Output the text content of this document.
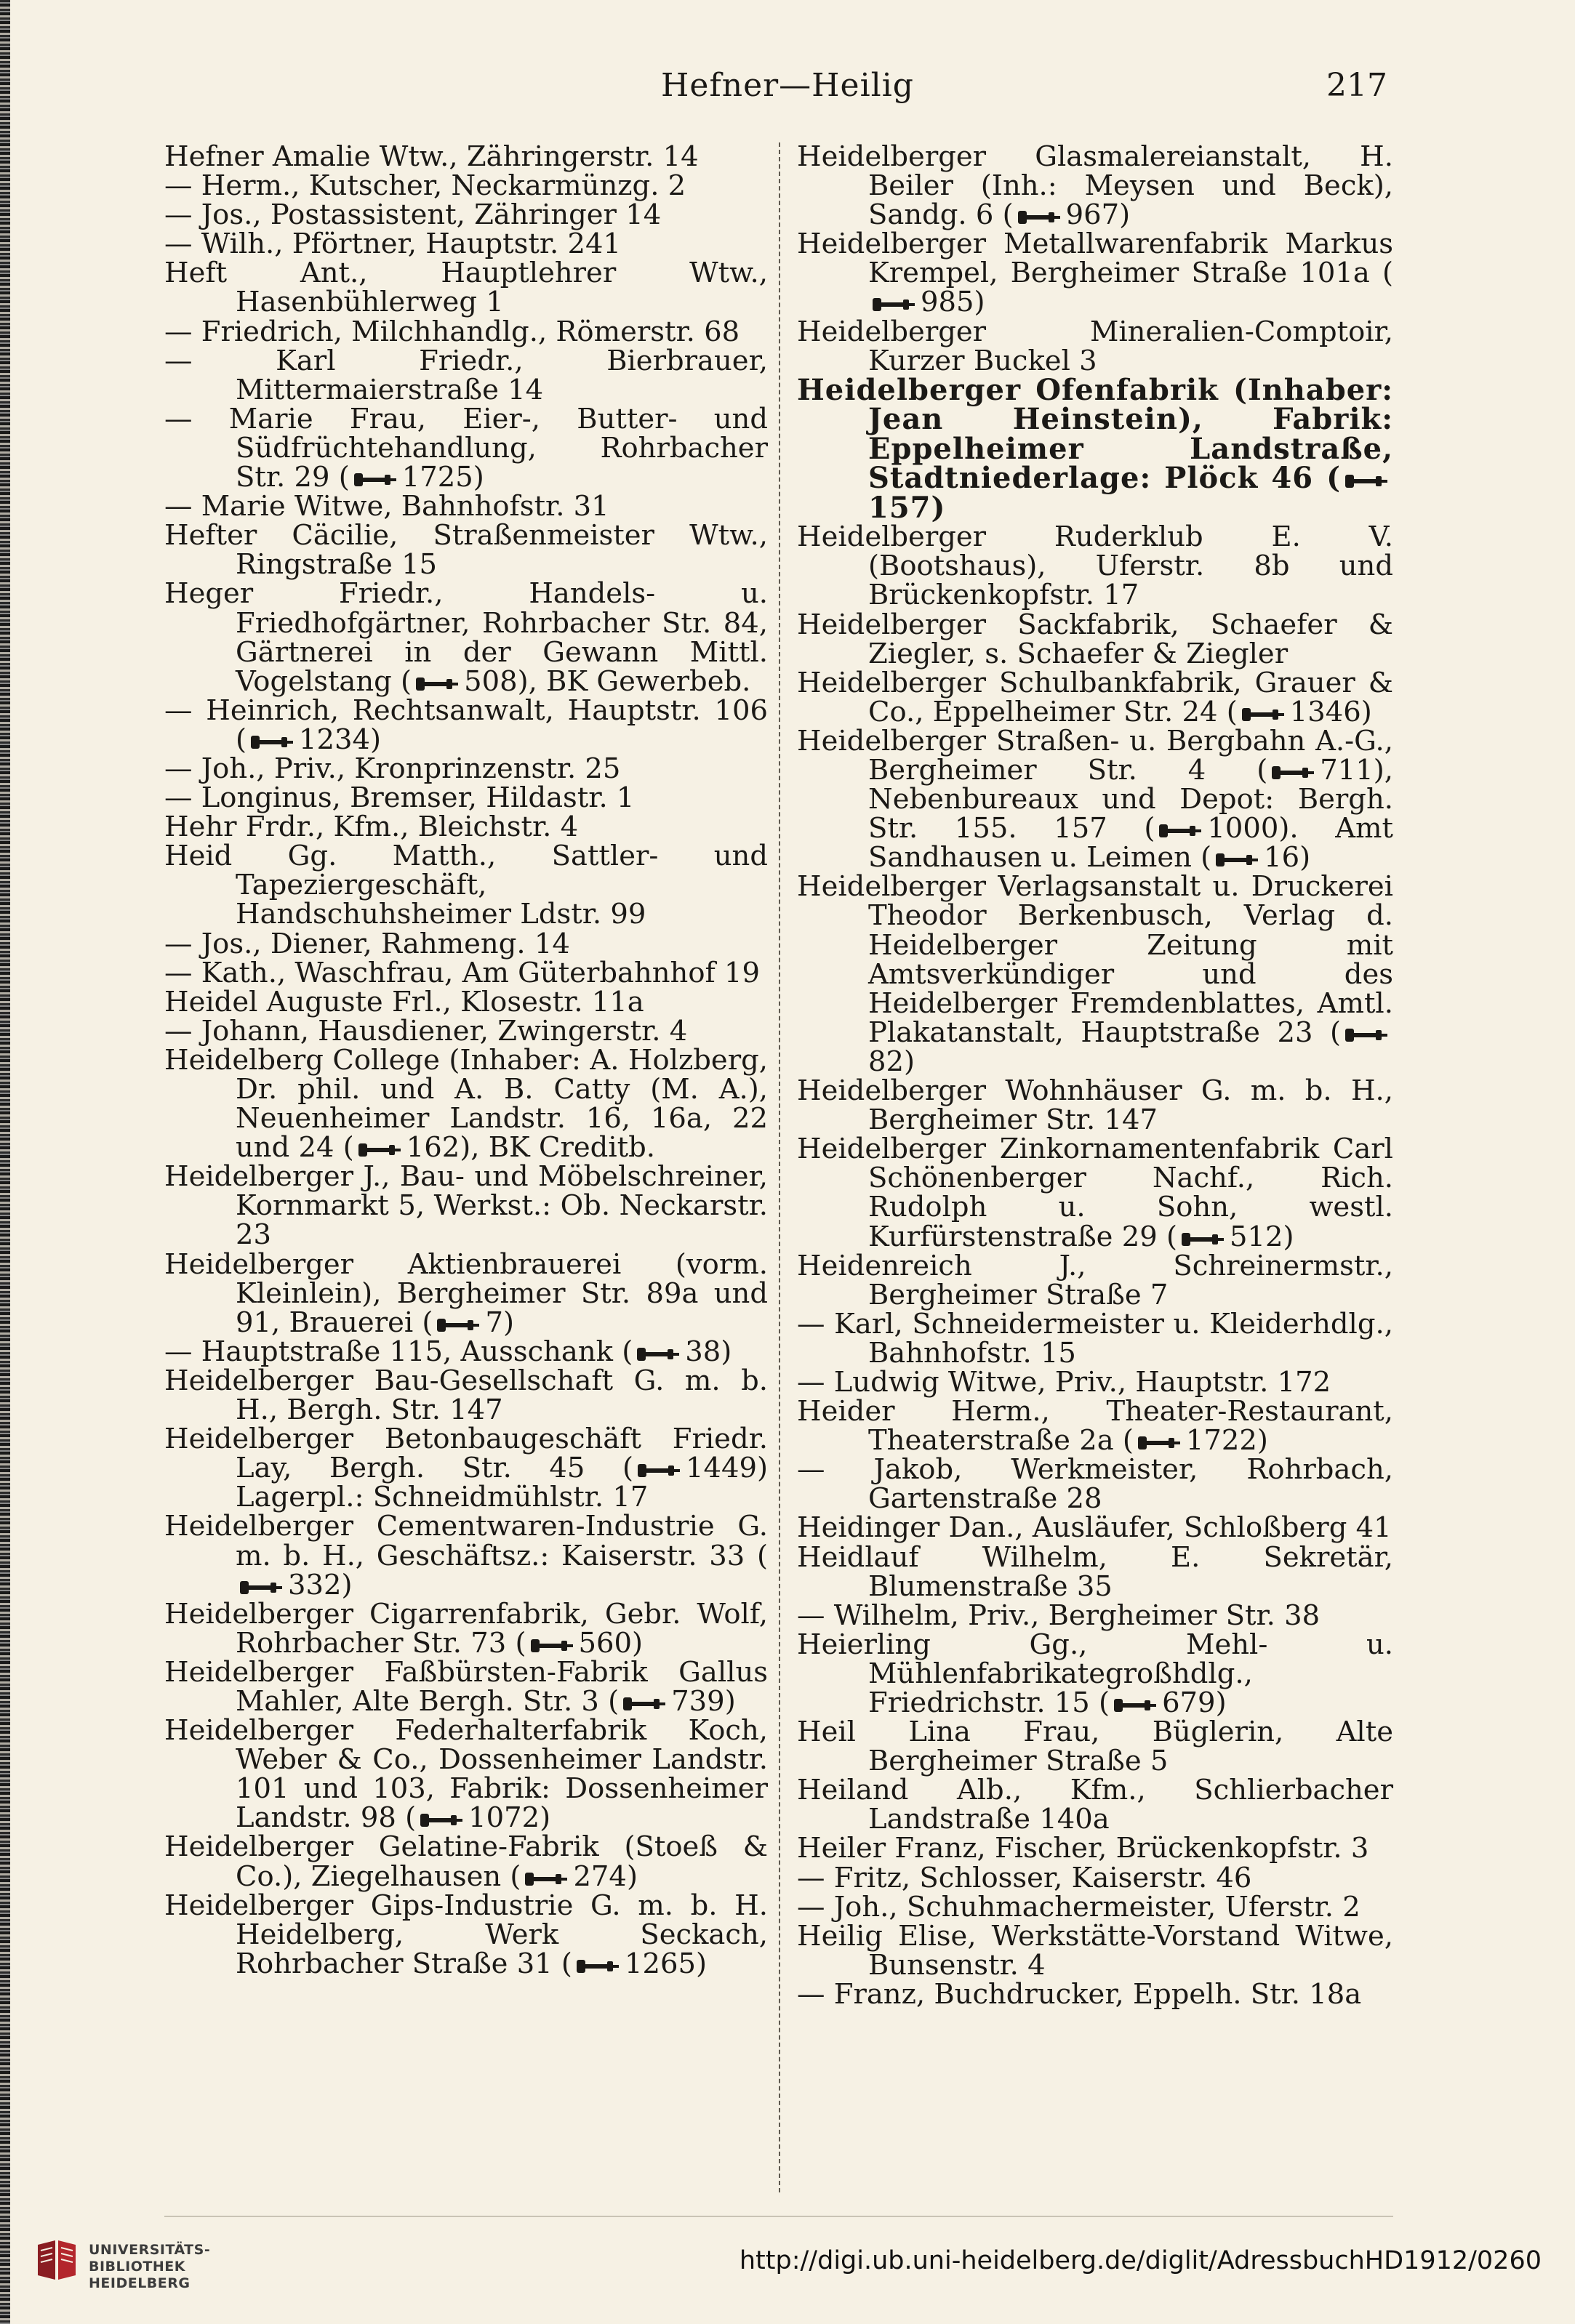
Hefner—Heilig	217

Hefner Amalie Wtw., Zähringerstr. 14

— Herm., Kutscher, Neckarmünzg. 2

— Jos., Postassistent, Zähringer 14

— Wilh., Pförtner, Hauptstr. 241

Heft Ant., Hauptlehrer Wtw., Hasenbühlerweg 1

— Friedrich, Milchhandlg., Römerstr. 68

— Karl Friedr., Bierbrauer, Mittermaierstraße 14

— Marie Frau, Eier-, Butter- und Südfrüchtehandlung, Rohrbacher Str. 29 ( 1725)

— Marie Witwe, Bahnhofstr. 31

Hefter Cäcilie, Straßenmeister Wtw., Ringstraße 15

Heger Friedr., Handels- u. Friedhofgärtner, Rohrbacher Str. 84, Gärtnerei in der Gewann Mittl. Vogelstang ( 508), BK Gewerbeb.

— Heinrich, Rechtsanwalt, Hauptstr. 106 ( 1234)

— Joh., Priv., Kronprinzenstr. 25

— Longinus, Bremser, Hildastr. 1

Hehr Frdr., Kfm., Bleichstr. 4

Heid Gg. Matth., Sattler- und Tapeziergeschäft, Handschuhsheimer Ldstr. 99

— Jos., Diener, Rahmeng. 14

— Kath., Waschfrau, Am Güterbahnhof 19

Heidel Auguste Frl., Klosestr. 11a

— Johann, Hausdiener, Zwingerstr. 4

Heidelberg College (Inhaber: A. Holzberg, Dr. phil. und A. B. Catty (M. A.), Neuenheimer Landstr. 16, 16a, 22 und 24 ( 162), BK Creditb.

Heidelberger J., Bau- und Möbelschreiner, Kornmarkt 5, Werkst.: Ob. Neckarstr. 23

Heidelberger Aktienbrauerei (vorm. Kleinlein), Bergheimer Str. 89a und 91, Brauerei ( 7)

— Hauptstraße 115, Ausschank ( 38)

Heidelberger Bau-Gesellschaft G. m. b. H., Bergh. Str. 147

Heidelberger Betonbaugeschäft Friedr. Lay, Bergh. Str. 45 ( 1449) Lagerpl.: Schneidmühlstr. 17

Heidelberger Cementwaren-Industrie G. m. b. H., Geschäftsz.: Kaiserstr. 33 (332)

Heidelberger Cigarrenfabrik, Gebr. Wolf, Rohrbacher Str. 73 ( 560)

Heidelberger Faßbürsten-Fabrik Gallus Mahler, Alte Bergh. Str. 3 ( 739)

Heidelberger Federhalterfabrik Koch, Weber & Co., Dossenheimer Landstr. 101 und 103, Fabrik: Dossenheimer Landstr. 98 ( 1072)

Heidelberger Gelatine-Fabrik (Stoeß & Co.), Ziegelhausen ( 274)

Heidelberger Gips-Industrie G. m. b. H. Heidelberg, Werk Seckach, Rohrbacher Straße 31 ( 1265)

Heidelberger Glasmalereianstalt, H. Beiler (Inh.: Meysen und Beck), Sandg. 6 ( 967)

Heidelberger Metallwarenfabrik Markus Krempel, Bergheimer Straße 101a (985)

Heidelberger Mineralien-Comptoir, Kurzer Buckel 3

Heidelberger Ofenfabrik (Inhaber: Jean Heinstein), Fabrik: Eppelheimer Landstraße, Stadtniederlage: Plöck 46 (157)

Heidelberger Ruderklub E. V. (Bootshaus), Uferstr. 8b und Brückenkopfstr. 17

Heidelberger Sackfabrik, Schaefer & Ziegler, s. Schaefer & Ziegler

Heidelberger Schulbankfabrik, Grauer & Co., Eppelheimer Str. 24 ( 1346)

Heidelberger Straßen- u. Bergbahn A.-G., Bergheimer Str. 4 ( 711), Nebenbureaux und Depot: Bergh. Str. 155. 157 ( 1000). Amt Sandhausen u. Leimen ( 16)

Heidelberger Verlagsanstalt u. Druckerei Theodor Berkenbusch, Verlag d. Heidelberger Zeitung mit Amtsverkündiger und des Heidelberger Fremdenblattes, Amtl. Plakatanstalt, Hauptstraße 23 (82)

Heidelberger Wohnhäuser G. m. b. H., Bergheimer Str. 147

Heidelberger Zinkornamentenfabrik Carl Schönenberger Nachf., Rich. Rudolph u. Sohn, westl. Kurfürstenstraße 29 ( 512)

Heidenreich J., Schreinermstr., Bergheimer Straße 7

— Karl, Schneidermeister u. Kleiderhdlg., Bahnhofstr. 15

— Ludwig Witwe, Priv., Hauptstr. 172

Heider Herm., Theater-Restaurant, Theaterstraße 2a ( 1722)

— Jakob, Werkmeister, Rohrbach, Gartenstraße 28

Heidinger Dan., Ausläufer, Schloßberg 41

Heidlauf Wilhelm, E. Sekretär, Blumenstraße 35

— Wilhelm, Priv., Bergheimer Str. 38

Heierling Gg., Mehl- u. Mühlenfabrikategroßhdlg., Friedrichstr. 15 ( 679)

Heil Lina Frau, Büglerin, Alte Bergheimer Straße 5

Heiland Alb., Kfm., Schlierbacher Landstraße 140a

Heiler Franz, Fischer, Brückenkopfstr. 3

— Fritz, Schlosser, Kaiserstr. 46

— Joh., Schuhmachermeister, Uferstr. 2

Heilig Elise, Werkstätte-Vorstand Witwe, Bunsenstr. 4

— Franz, Buchdrucker, Eppelh. Str. 18a

UNIVERSITÄTS-
BIBLIOTHEK
HEIDELBERG
http://digi.ub.uni-heidelberg.de/diglit/AdressbuchHD1912/0260
